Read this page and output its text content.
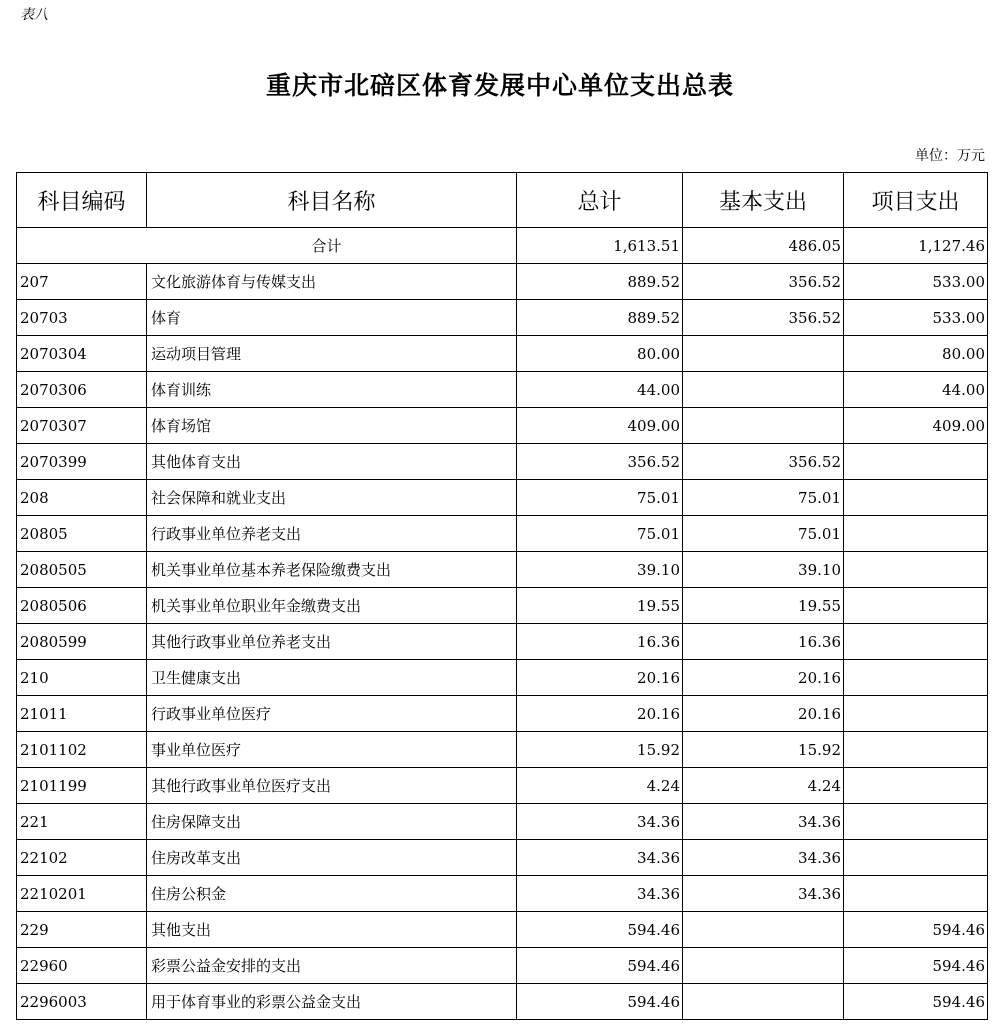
表八
重庆市北碚区体育发展中心单位支出总表
单位：万元
科目编码	科目名称	总计	基本支出	项目支出
合计		1,613.51	486.05	1,127.46
207	文化旅游体育与传媒支出	889.52	356.52	533.00
20703	体育	889.52	356.52	533.00
2070304	运动项目管理	80.00		80.00
2070306	体育训练	44.00		44.00
2070307	体育场馆	409.00		409.00
2070399	其他体育支出	356.52	356.52	
208	社会保障和就业支出	75.01	75.01	
20805	行政事业单位养老支出	75.01	75.01	
2080505	机关事业单位基本养老保险缴费支出	39.10	39.10	
2080506	机关事业单位职业年金缴费支出	19.55	19.55	
2080599	其他行政事业单位养老支出	16.36	16.36	
210	卫生健康支出	20.16	20.16	
21011	行政事业单位医疗	20.16	20.16	
2101102	事业单位医疗	15.92	15.92	
2101199	其他行政事业单位医疗支出	4.24	4.24	
221	住房保障支出	34.36	34.36	
22102	住房改革支出	34.36	34.36	
2210201	住房公积金	34.36	34.36	
229	其他支出	594.46		594.46
22960	彩票公益金安排的支出	594.46		594.46
2296003	用于体育事业的彩票公益金支出	594.46		594.46
